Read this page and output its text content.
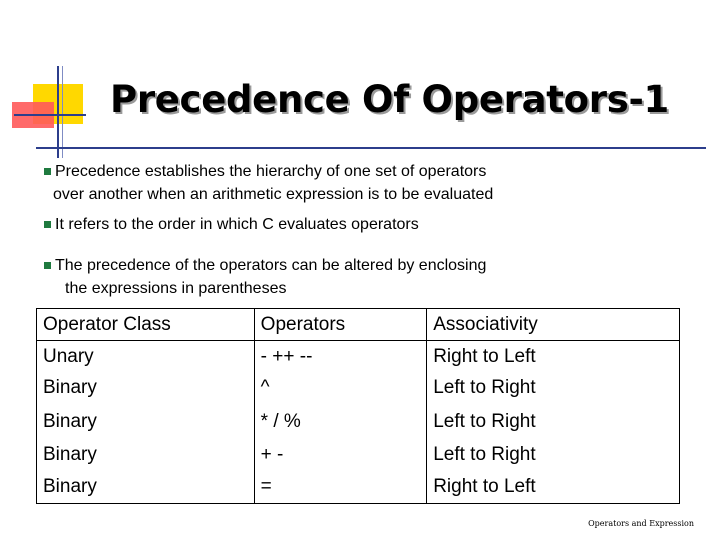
Precedence Of Operators-1
Precedence establishes the hierarchy of one set of operators
over another when an arithmetic expression is to be evaluated
It refers to the order in which C evaluates operators
The precedence of the operators can be altered by enclosing
the expressions in parentheses
Operator Class	Operators	Associativity
Unary	- ++ --	Right to Left
Binary	^	Left to Right
Binary	* / %	Left to Right
Binary	+ -	Left to Right
Binary	=	Right to Left
Operators and Expression
